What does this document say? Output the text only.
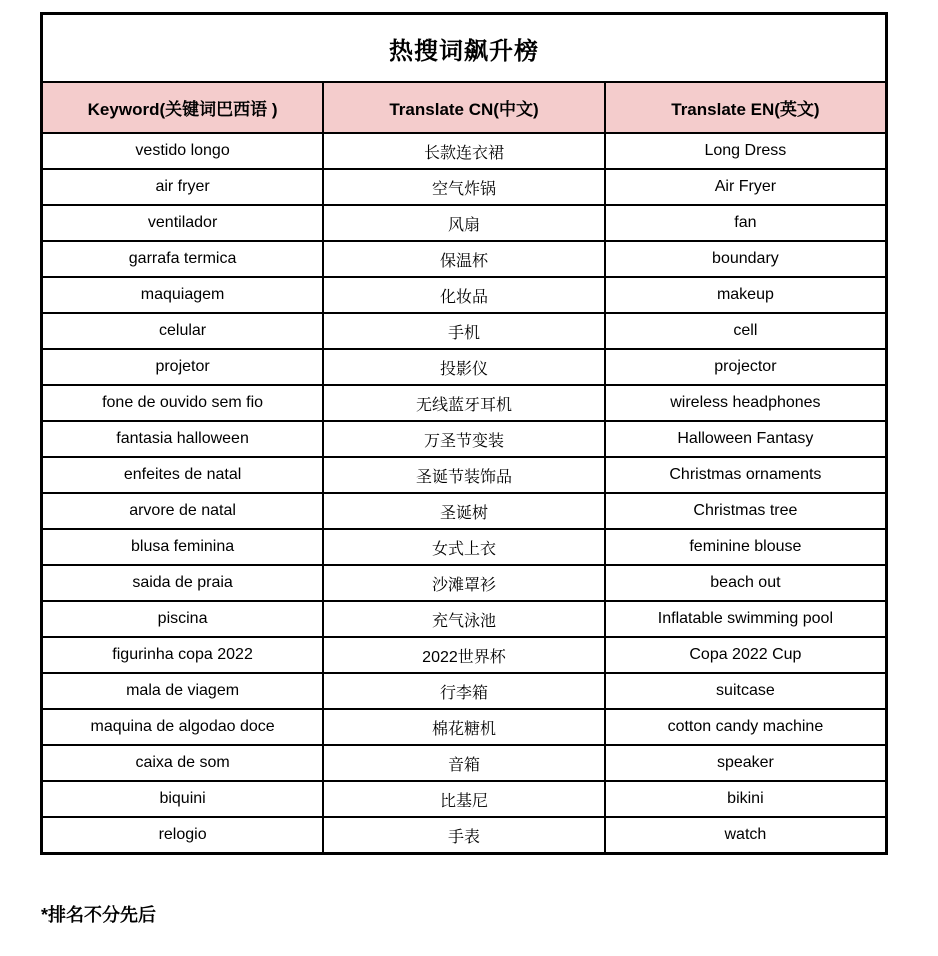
热搜词飙升榜		
Keyword(关键词巴西语 )	Translate CN(中文)	Translate EN(英文)
vestido longo	长款连衣裙	Long Dress
air fryer	空气炸锅	Air Fryer
ventilador	风扇	fan
garrafa termica	保温杯	boundary
maquiagem	化妆品	makeup
celular	手机	cell
projetor	投影仪	projector
fone de ouvido sem fio	无线蓝牙耳机	wireless headphones
fantasia halloween	万圣节变装	Halloween Fantasy
enfeites de natal	圣诞节装饰品	Christmas ornaments
arvore de natal	圣诞树	Christmas tree
blusa feminina	女式上衣	feminine blouse
saida de praia	沙滩罩衫	beach out
piscina	充气泳池	Inflatable swimming pool
figurinha copa 2022	2022世界杯	Copa 2022 Cup
mala de viagem	行李箱	suitcase
maquina de algodao doce	棉花糖机	cotton candy machine
caixa de som	音箱	speaker
biquini	比基尼	bikini
relogio	手表	watch
*排名不分先后
